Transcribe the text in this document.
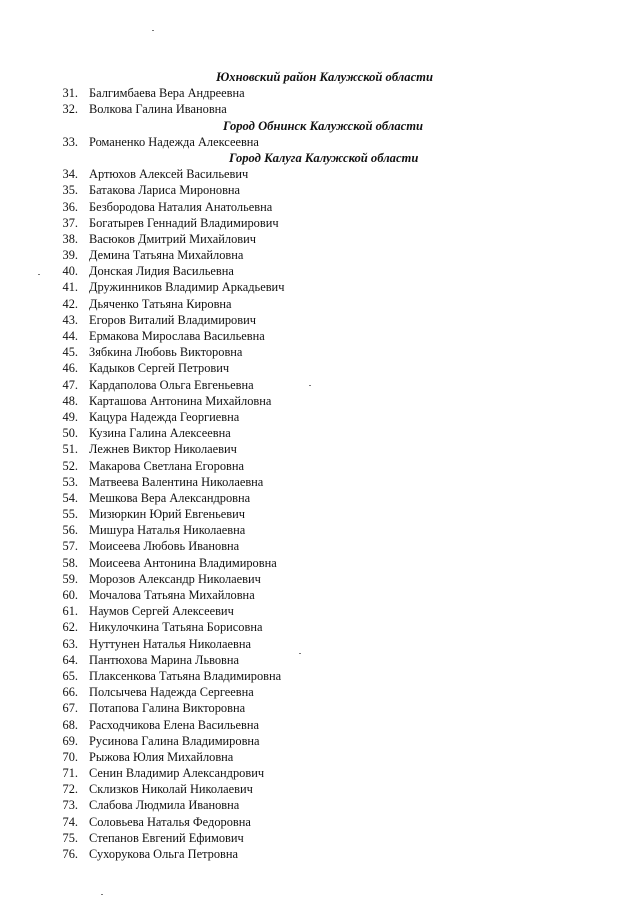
Юхновский район Калужской области
31. Балгимбаева Вера Андреевна
32. Волкова Галина Ивановна
Город Обнинск Калужской области
33. Романенко Надежда Алексеевна
Город Калуга Калужской области
34. Артюхов Алексей Васильевич
35. Батакова Лариса Мироновна
36. Безбородова Наталия Анатольевна
37. Богатырев Геннадий Владимирович
38. Васюков Дмитрий Михайлович
39. Демина Татьяна Михайловна
40. Донская Лидия Васильевна
41. Дружинников Владимир Аркадьевич
42. Дьяченко Татьяна Кировна
43. Егоров Виталий Владимирович
44. Ермакова Мирослава Васильевна
45. Зябкина Любовь Викторовна
46. Кадыков Сергей Петрович
47. Кардаполова Ольга Евгеньевна
48. Карташова Антонина Михайловна
49. Кацура Надежда Георгиевна
50. Кузина Галина Алексеевна
51. Лежнев Виктор Николаевич
52. Макарова Светлана Егоровна
53. Матвеева Валентина Николаевна
54. Мешкова Вера Александровна
55. Мизюркин Юрий Евгеньевич
56. Мишура Наталья Николаевна
57. Моисеева Любовь Ивановна
58. Моисеева Антонина Владимировна
59. Морозов Александр Николаевич
60. Мочалова Татьяна Михайловна
61. Наумов Сергей Алексеевич
62. Никулочкина Татьяна Борисовна
63. Нуттунен Наталья Николаевна
64. Пантюхова Марина Львовна
65. Плаксенкова Татьяна Владимировна
66. Полсычева Надежда Сергеевна
67. Потапова Галина Викторовна
68. Расходчикова Елена Васильевна
69. Русинова Галина Владимировна
70. Рыжова Юлия Михайловна
71. Сенин Владимир Александрович
72. Склизков Николай Николаевич
73. Слабова Людмила Ивановна
74. Соловьева Наталья Федоровна
75. Степанов Евгений Ефимович
76. Сухорукова Ольга Петровна
